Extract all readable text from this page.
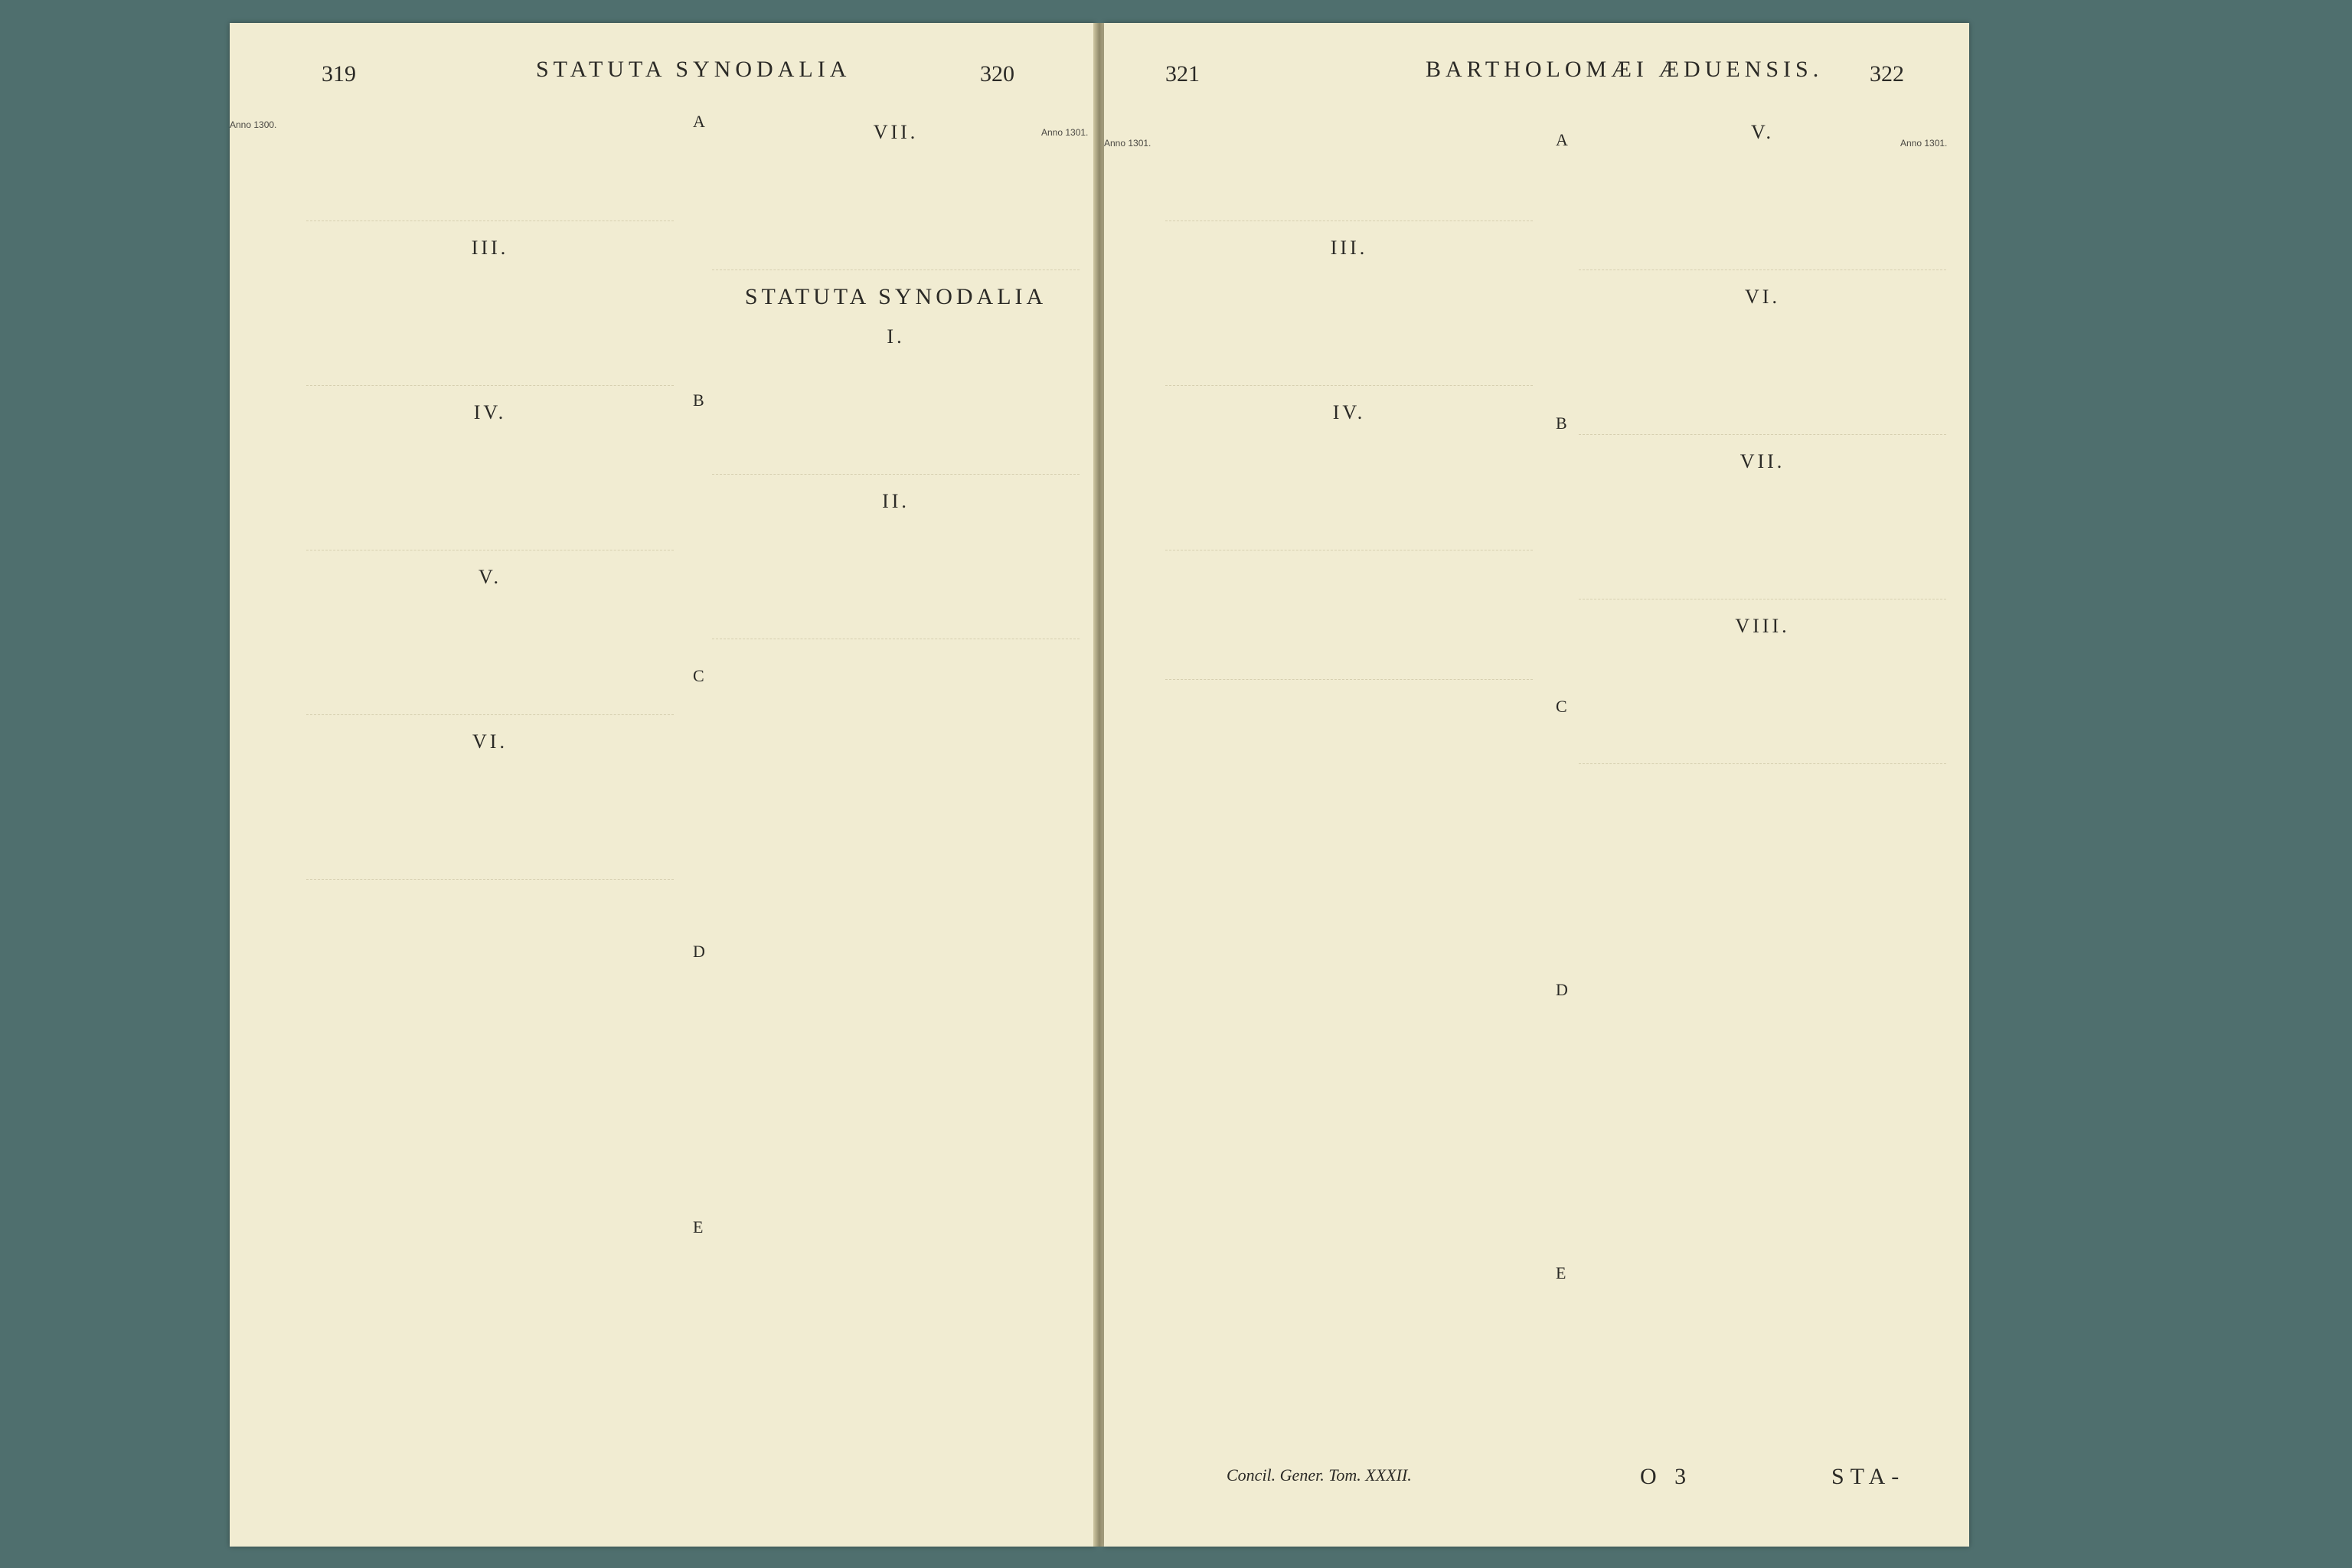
319	STATUTA SYNODALIA	320
Anno 1300.
Anno 1301.
A
B
C
D
E
III.
IV.
V.
VI.
VII.
STATUTA SYNODALIA
I.
II.
321	BARTHOLOMÆI ÆDUENSIS. 322
Anno 1301.	Anno 1301.
A
B
C
D
E
III.
IV.
V.
VI.
VII.
VIII.
Concil. Gener. Tom. XXXII.	O 3	STA-
